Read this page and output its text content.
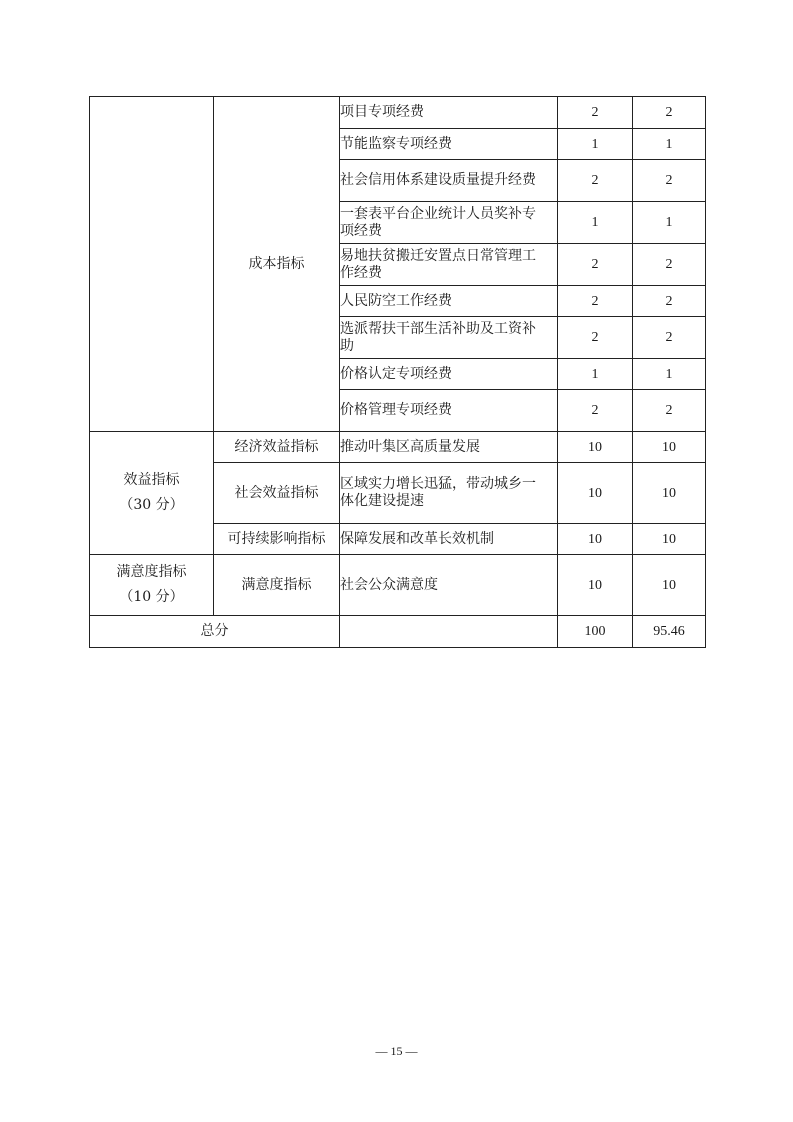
	成本指标	项目专项经费	2	2
		节能监察专项经费	1	1

		社会信用体系建设质量提升经费	2	2

		一套表平台企业统计人员奖补专项经费	1	1

		易地扶贫搬迁安置点日常管理工作经费	2	2
		人民防空工作经费	2	2

		选派帮扶干部生活补助及工资补助	2	2
		价格认定专项经费	1	1
		价格管理专项经费	2	2

效益指标
（30 分）	经济效益指标	推动叶集区高质量发展	10	10
	社会效益指标	区域实力增长迅猛，带动城乡一体化建设提速	10	10
	可持续影响指标	保障发展和改革长效机制	10	10

满意度指标
（10 分）	满意度指标	社会公众满意度	10	10
总分			100	95.46
— 15 —
